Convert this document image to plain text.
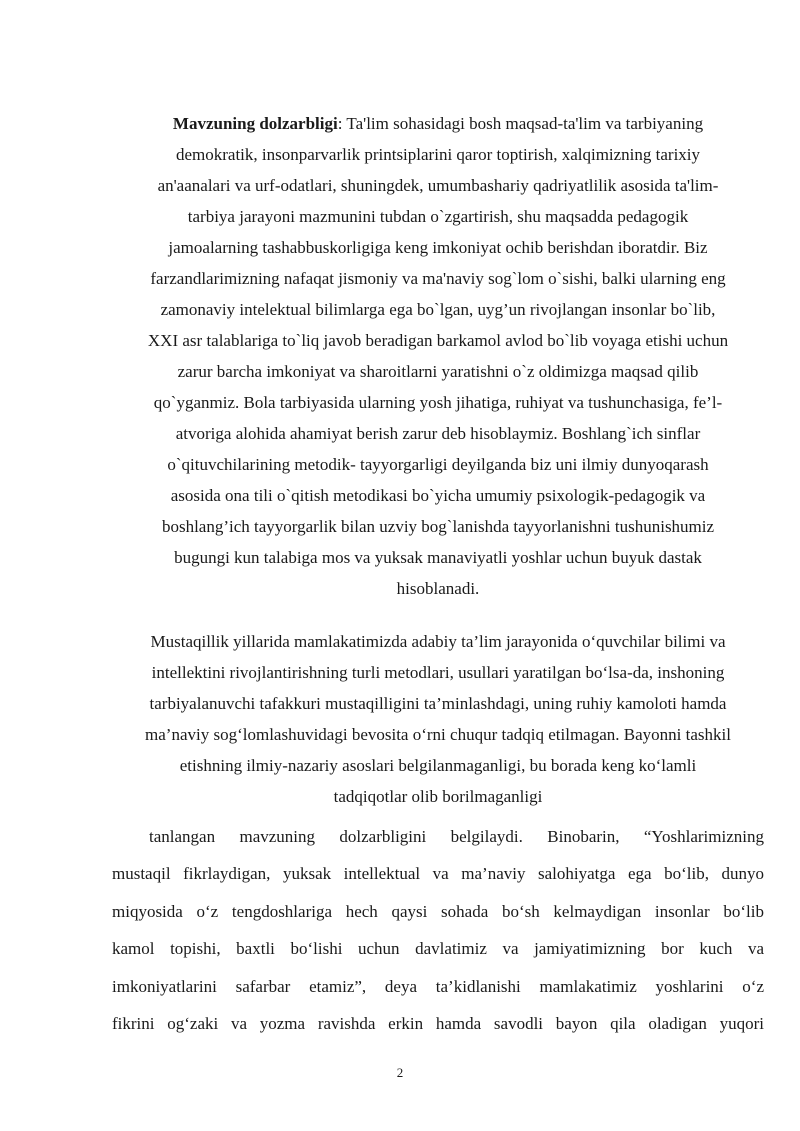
Mavzuning dolzarbligi: Ta'lim sohasidagi bosh maqsad-ta'lim va tarbiyaning

demokratik, insonparvarlik printsiplarini qaror toptirish, xalqimizning tarixiy

an'aanalari va urf-odatlari, shuningdek, umumbashariy qadriyatlilik asosida ta'lim-

tarbiya jarayoni mazmunini tubdan o`zgartirish, shu maqsadda pedagogik

jamoalarning tashabbuskorligiga keng imkoniyat ochib berishdan iboratdir. Biz

farzandlarimizning nafaqat jismoniy va ma'naviy sog`lom o`sishi, balki ularning eng

zamonaviy intelektual bilimlarga ega bo`lgan, uyg’un rivojlangan insonlar bo`lib,

XXI asr talablariga to`liq javob beradigan barkamol avlod bo`lib voyaga etishi uchun

zarur barcha imkoniyat va sharoitlarni yaratishni o`z oldimizga maqsad qilib

qo`yganmiz. Bola tarbiyasida ularning yosh jihatiga, ruhiyat va tushunchasiga, fe’l-

atvoriga alohida ahamiyat berish zarur deb hisoblaymiz. Boshlang`ich sinflar

o`qituvchilarining metodik- tayyorgarligi deyilganda biz uni ilmiy dunyoqarash

asosida ona tili o`qitish metodikasi bo`yicha umumiy psixologik-pedagogik va

boshlang’ich tayyorgarlik bilan uzviy bog`lanishda tayyorlanishni tushunishumiz

bugungi kun talabiga mos va yuksak manaviyatli yoshlar uchun buyuk dastak

hisoblanadi.

Mustaqillik yillarida mamlakatimizda adabiy ta’lim jarayonida o‘quvchilar bilimi va

intellektini rivojlantirishning turli metodlari, usullari yaratilgan bo‘lsa-da, inshoning

tarbiyalanuvchi tafakkuri mustaqilligini ta’minlashdagi, uning ruhiy kamoloti hamda

ma’naviy sog‘lomlashuvidagi bevosita o‘rni chuqur tadqiq etilmagan. Bayonni tashkil

etishning ilmiy-nazariy asoslari belgilanmaganligi, bu borada keng ko‘lamli

tadqiqotlar olib borilmaganligi

tanlangan mavzuning dolzarbligini belgilaydi. Binobarin, “Yoshlarimizning

mustaqil fikrlaydigan, yuksak intellektual va ma’naviy salohiyatga ega bo‘lib, dunyo

miqyosida o‘z tengdoshlariga hech qaysi sohada bo‘sh kelmaydigan insonlar bo‘lib

kamol topishi, baxtli bo‘lishi uchun davlatimiz va jamiyatimizning bor kuch va

imkoniyatlarini safarbar etamiz”, deya ta’kidlanishi mamlakatimiz yoshlarini o‘z

fikrini og‘zaki va yozma ravishda erkin hamda savodli bayon qila oladigan yuqori

2
